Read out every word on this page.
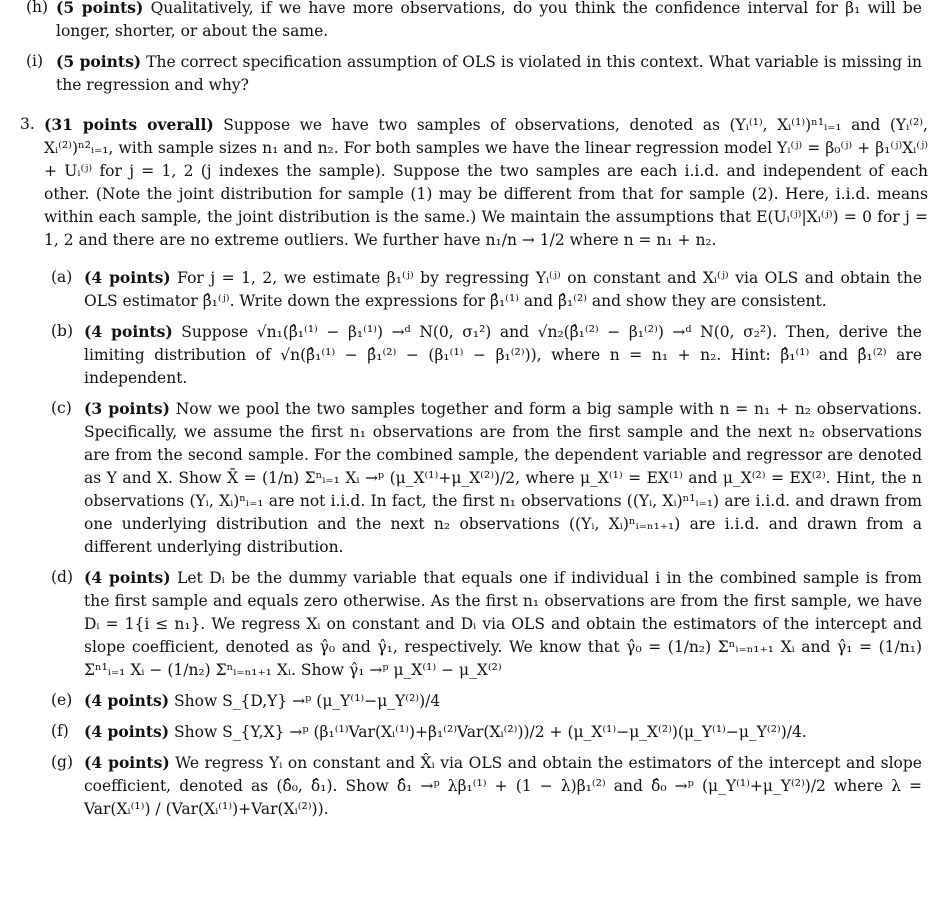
(h) (5 points) Qualitatively, if we have more observations, do you think the confidence interval for β₁ will be longer, shorter, or about the same.
(i) (5 points) The correct specification assumption of OLS is violated in this context. What variable is missing in the regression and why?
3. (31 points overall) Suppose we have two samples of observations, denoted as (Yᵢ⁽¹⁾, Xᵢ⁽¹⁾)ⁿ¹ᵢ₌₁ and (Yᵢ⁽²⁾, Xᵢ⁽²⁾)ⁿ²ᵢ₌₁, with sample sizes n₁ and n₂. For both samples we have the linear regression model Yᵢ⁽ʲ⁾ = β₀⁽ʲ⁾ + β₁⁽ʲ⁾Xᵢ⁽ʲ⁾ + Uᵢ⁽ʲ⁾ for j = 1, 2 (j indexes the sample). Suppose the two samples are each i.i.d. and independent of each other. (Note the joint distribution for sample (1) may be different from that for sample (2). Here, i.i.d. means within each sample, the joint distribution is the same.) We maintain the assumptions that E(Uᵢ⁽ʲ⁾|Xᵢ⁽ʲ⁾) = 0 for j = 1, 2 and there are no extreme outliers. We further have n₁/n → 1/2 where n = n₁ + n₂.
(a) (4 points) For j = 1, 2, we estimate β₁⁽ʲ⁾ by regressing Yᵢ⁽ʲ⁾ on constant and Xᵢ⁽ʲ⁾ via OLS and obtain the OLS estimator β̂₁⁽ʲ⁾. Write down the expressions for β̂₁⁽¹⁾ and β̂₁⁽²⁾ and show they are consistent.
(b) (4 points) Suppose √n₁(β̂₁⁽¹⁾ − β₁⁽¹⁾) →ᵈ N(0, σ₁²) and √n₂(β̂₁⁽²⁾ − β₁⁽²⁾) →ᵈ N(0, σ₂²). Then, derive the limiting distribution of √n(β̂₁⁽¹⁾ − β̂₁⁽²⁾ − (β₁⁽¹⁾ − β₁⁽²⁾)), where n = n₁ + n₂. Hint: β̂₁⁽¹⁾ and β̂₁⁽²⁾ are independent.
(c) (3 points) Now we pool the two samples together and form a big sample with n = n₁ + n₂ observations. Specifically, we assume the first n₁ observations are from the first sample and the next n₂ observations are from the second sample. For the combined sample, the dependent variable and regressor are denoted as Y and X. Show X̄ = (1/n) Σⁿᵢ₌₁ Xᵢ →ᵖ (μ_X⁽¹⁾+μ_X⁽²⁾)/2, where μ_X⁽¹⁾ = EX⁽¹⁾ and μ_X⁽²⁾ = EX⁽²⁾. Hint, the n observations (Yᵢ, Xᵢ)ⁿᵢ₌₁ are not i.i.d. In fact, the first n₁ observations ((Yᵢ, Xᵢ)ⁿ¹ᵢ₌₁) are i.i.d. and drawn from one underlying distribution and the next n₂ observations ((Yᵢ, Xᵢ)ⁿᵢ₌ₙ₁₊₁) are i.i.d. and drawn from a different underlying distribution.
(d) (4 points) Let Dᵢ be the dummy variable that equals one if individual i in the combined sample is from the first sample and equals zero otherwise. As the first n₁ observations are from the first sample, we have Dᵢ = 1{i ≤ n₁}. We regress Xᵢ on constant and Dᵢ via OLS and obtain the estimators of the intercept and slope coefficient, denoted as γ̂₀ and γ̂₁, respectively. We know that γ̂₀ = (1/n₂) Σⁿᵢ₌ₙ₁₊₁ Xᵢ and γ̂₁ = (1/n₁) Σⁿ¹ᵢ₌₁ Xᵢ − (1/n₂) Σⁿᵢ₌ₙ₁₊₁ Xᵢ. Show γ̂₁ →ᵖ μ_X⁽¹⁾ − μ_X⁽²⁾
(e) (4 points) Show S_{D,Y} →ᵖ (μ_Y⁽¹⁾−μ_Y⁽²⁾)/4
(f) (4 points) Show S_{Y,X} →ᵖ (β₁⁽¹⁾Var(Xᵢ⁽¹⁾)+β₁⁽²⁾Var(Xᵢ⁽²⁾))/2 + (μ_X⁽¹⁾−μ_X⁽²⁾)(μ_Y⁽¹⁾−μ_Y⁽²⁾)/4.
(g) (4 points) We regress Yᵢ on constant and X̂ᵢ via OLS and obtain the estimators of the intercept and slope coefficient, denoted as (δ̂₀, δ̂₁). Show δ̂₁ →ᵖ λβ₁⁽¹⁾ + (1 − λ)β₁⁽²⁾ and δ̂₀ →ᵖ (μ_Y⁽¹⁾+μ_Y⁽²⁾)/2 where λ = Var(Xᵢ⁽¹⁾) / (Var(Xᵢ⁽¹⁾)+Var(Xᵢ⁽²⁾)).
